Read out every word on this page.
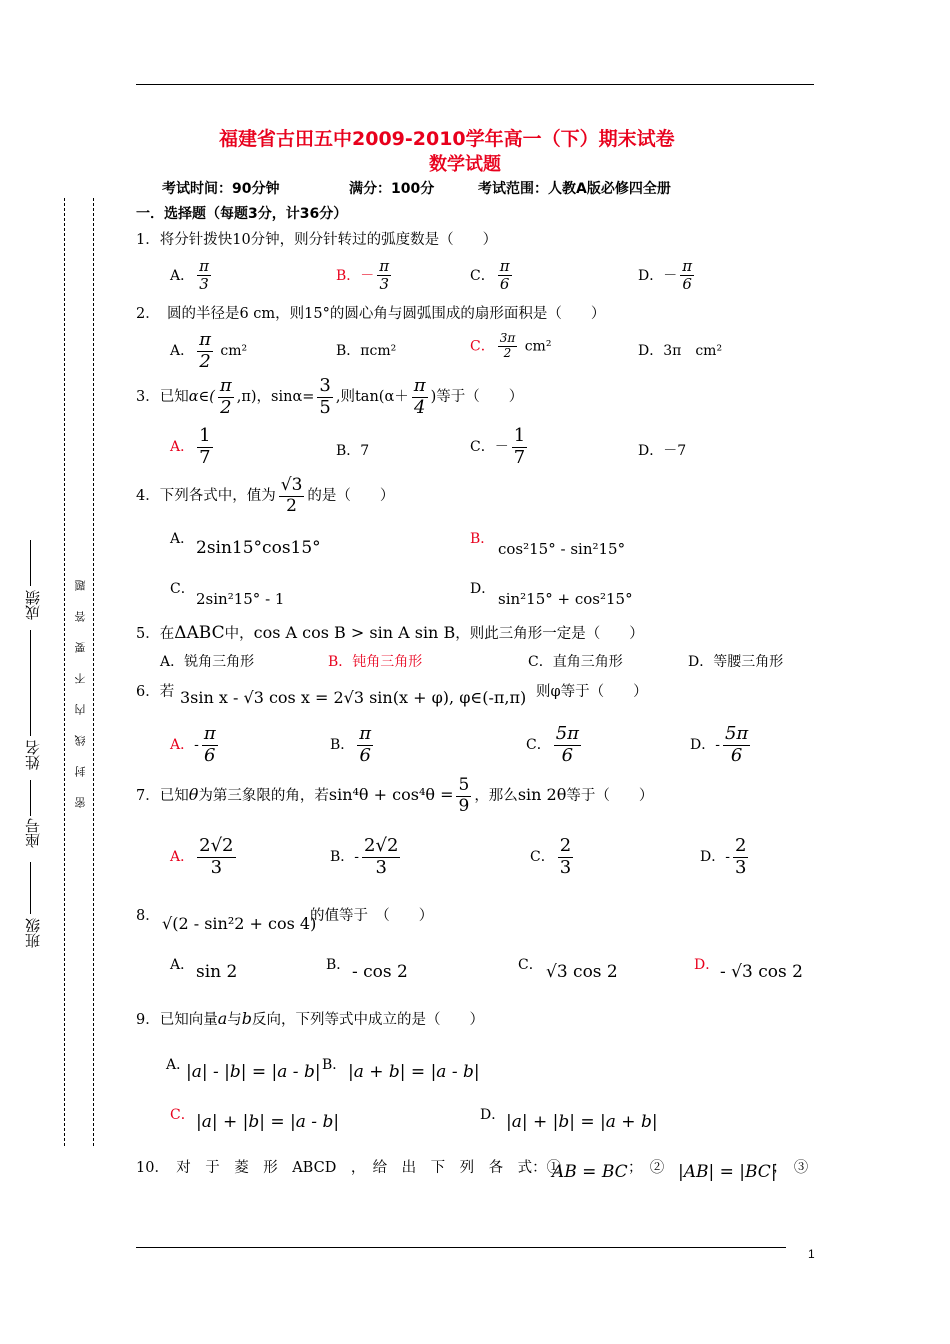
1
班级
座号
姓名
成绩	密封线内不要答题
福建省古田五中2009-2010学年高一（下）期末试卷
数学试题
考试时间：90分钟	满分：100分	考试范围：人教A版必修四全册
一．选择题（每题3分，计36分）
1．将分针拨快10分钟，则分针转过的弧度数是（　　）
A． $\frac{\pi}{3}$	B．－ $\frac{\pi}{3}$	C． $\frac{\pi}{6}$	D．－ $\frac{\pi}{6}$
2．　圆的半径是6 cm，则15°的圆心角与圆弧围成的扇形面积是（　　）
A． $\frac{\pi}{2} cm^2$	B．πcm²	C． $\frac{3\pi}{2} cm^2$	D．3π　cm²
3．已知α∈( $\frac{\pi}{2} ,\pi$)，$\sin\alpha= \frac{3}{5}$ ,则$\tan(\alpha+ \frac{\pi}{4}$ )等于（　　）
A． $\frac{1}{7}$	B．7	C．－ $\frac{1}{7}$	D．－7
4．下列各式中，值为 $\frac{√3}{2}$ 的是（　　）
A． 2sin15°cos15°	B．
cos²15° - sin²15°
C．
2sin²15° - 1
D．
sin²15° + cos²15°
5．在ΔABC中，cos A cos B > sin A sin B，则此三角形一定是（　　）
A．锐角三角形	B．钝角三角形	C．直角三角形	D．等腰三角形
6．若 3sin x - √3 cos x = 2√3 sin(x + φ), φ∈(-π,π) 则φ等于（　　）
A．- $\frac{\pi}{6}$	B． $\frac{\pi}{6}$	C． $\frac{5\pi}{6}$	D．- $\frac{5\pi}{6}$
7．已知θ为第三象限的角，若$\sin^4\theta + \cos^4\theta = \frac{5}{9}$ ，那么sin 2θ等于（　　）
A． $\frac{2√2}{3}$	B．- $\frac{2√2}{3}$	C． $\frac{2}{3}$	D．- $\frac{2}{3}$
8． √(2 - sin²2 + cos 4)
的值等于　（　　）
A． sin 2	B． - cos 2	C． √3 cos 2	D． - √3 cos 2
9．已知向量a与b反向，下列等式中成立的是（　　）
A．
|a| - |b| = |a - b| B． |a + b| = |a - b|
C． |a| + |b| = |a - b|	D． |a| + |b| = |a + b|
10．　对　于　菱　形　ABCD　，　给　出　下　列　各　式：①
AB = BC ；　② |AB| = |BC|
；　③
